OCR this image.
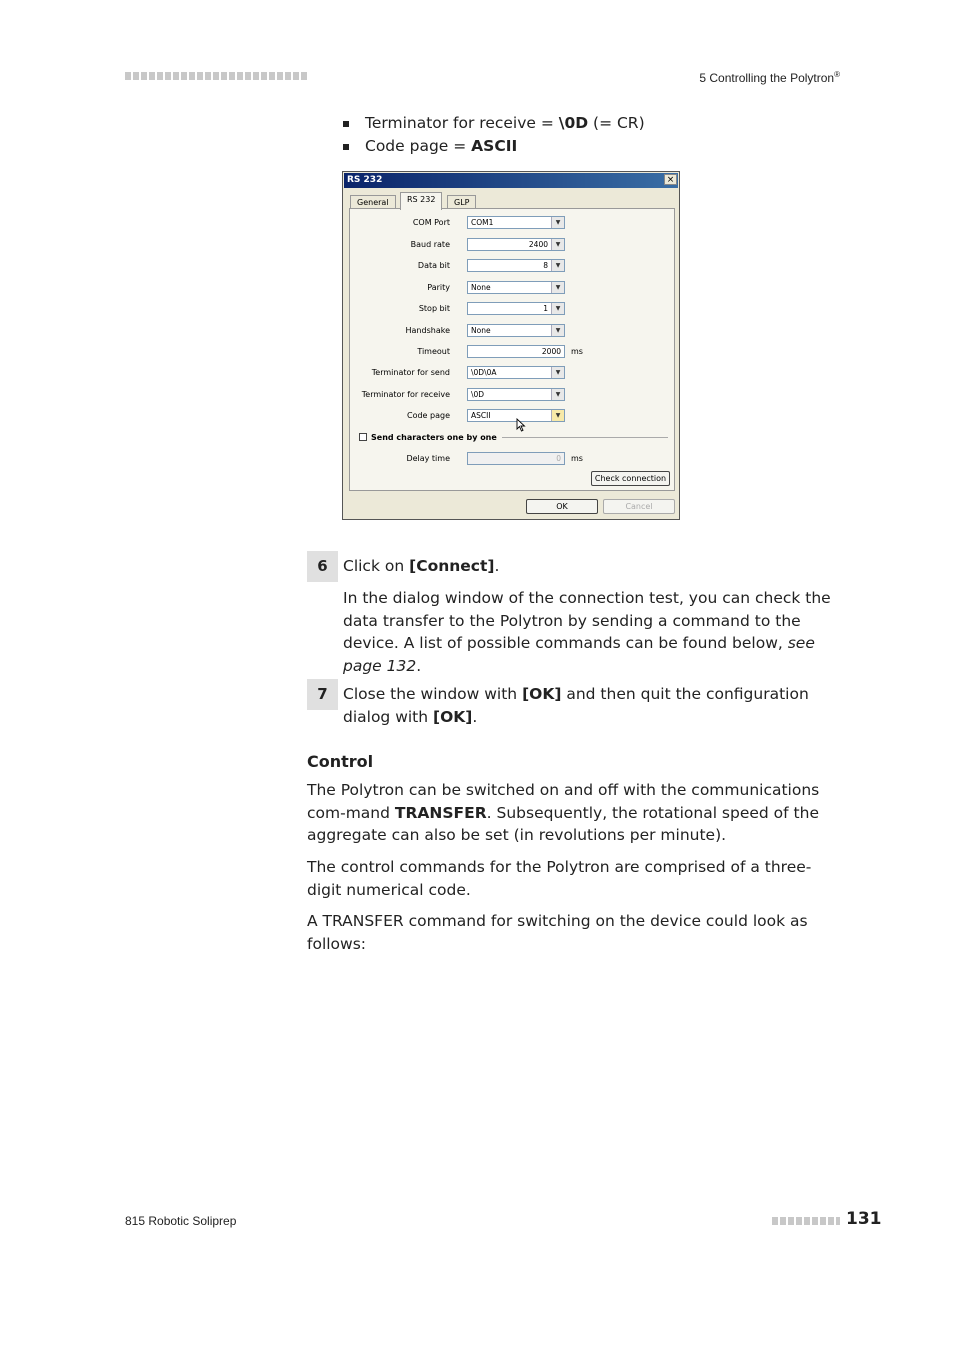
5 Controlling the Polytron®
Terminator for receive = \0D (= CR)
Code page = ASCII
RS 232	×
General	RS 232	GLP
COM Port	COM1	▼
Baud rate	2400	▼
Data bit	8	▼
Parity	None	▼
Stop bit	1	▼
Handshake	None	▼
Timeout	2000	ms
Terminator for send	\0D\0A	▼
Terminator for receive	\0D	▼
Code page	ASCII	▼
Send characters one by one
Delay time	0	ms
Check connection
OK	Cancel
6 Click on [Connect].
In the dialog window of the connection test, you can check the data transfer to the Polytron by sending a command to the device. A list of possible commands can be found below, see page 132.
7 Close the window with [OK] and then quit the configuration dialog with [OK].
Control
The Polytron can be switched on and off with the communications com-mand TRANSFER. Subsequently, the rotational speed of the aggregate can also be set (in revolutions per minute).
The control commands for the Polytron are comprised of a three-digit numerical code.
A TRANSFER command for switching on the device could look as follows:
815 Robotic Soliprep	131
